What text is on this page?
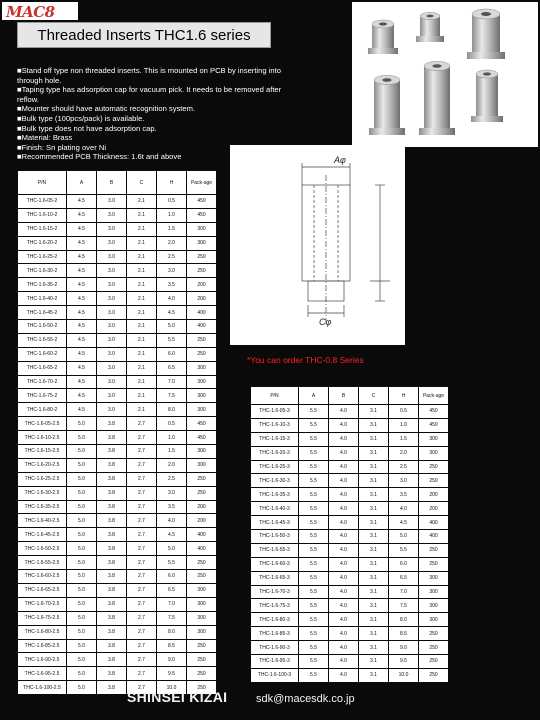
MAC8
Threaded Inserts THC1.6 series
■Stand off type non threaded inserts. This is mounted on PCB by inserting into
through hole.
■Taping type has adsorption cap for vacuum pick. It needs to be removed after
reflow.
■Mounter should have automatic recognition system.
■Bulk type (100pcs/pack) is available.
■Bulk type does not have adsorption cap.
■Material: Brass
■Finish: Sn plating over Ni
■Recommended PCB Thickness: 1.6t and above	Aφ
Cφ
*You can order THC-0.8 Series
P/N	A	B	C	H	Pack-age
THC-1.6-05-2	4.5	3.0	2.1	0.5	450
THC-1.6-10-2	4.5	3.0	2.1	1.0	450
THC-1.6-15-2	4.5	3.0	2.1	1.5	300
THC-1.6-20-2	4.5	3.0	2.1	2.0	300
THC-1.6-25-2	4.5	3.0	2.1	2.5	250
THC-1.6-30-2	4.5	3.0	2.1	3.0	250
THC-1.6-35-2	4.5	3.0	2.1	3.5	200
THC-1.6-40-2	4.5	3.0	2.1	4.0	200
THC-1.6-45-2	4.5	3.0	2.1	4.5	400
THC-1.6-50-2	4.5	3.0	2.1	5.0	400
THC-1.6-55-2	4.5	3.0	2.1	5.5	250
THC-1.6-60-2	4.5	3.0	2.1	6.0	250
THC-1.6-65-2	4.5	3.0	2.1	6.5	300
THC-1.6-70-2	4.5	3.0	2.1	7.0	300
THC-1.6-75-2	4.5	3.0	2.1	7.5	300
THC-1.6-80-2	4.5	3.0	2.1	8.0	300
THC-1.6-05-2.5	5.0	3.8	2.7	0.5	450
THC-1.6-10-2.5	5.0	3.8	2.7	1.0	450
THC-1.6-15-2.5	5.0	3.8	2.7	1.5	300
THC-1.6-20-2.5	5.0	3.8	2.7	2.0	300
THC-1.6-25-2.5	5.0	3.8	2.7	2.5	250
THC-1.6-30-2.5	5.0	3.8	2.7	3.0	250
THC-1.6-35-2.5	5.0	3.8	2.7	3.5	200
THC-1.6-40-2.5	5.0	3.8	2.7	4.0	200
THC-1.6-45-2.5	5.0	3.8	2.7	4.5	400
THC-1.6-50-2.5	5.0	3.8	2.7	5.0	400
THC-1.6-55-2.5	5.0	3.8	2.7	5.5	250
THC-1.6-60-2.5	5.0	3.8	2.7	6.0	250
THC-1.6-65-2.5	5.0	3.8	2.7	6.5	300
THC-1.6-70-2.5	5.0	3.8	2.7	7.0	300
THC-1.6-75-2.5	5.0	3.8	2.7	7.5	300
THC-1.6-80-2.5	5.0	3.8	2.7	8.0	300
THC-1.6-85-2.5	5.0	3.8	2.7	8.5	250
THC-1.6-90-2.5	5.0	3.8	2.7	9.0	250
THC-1.6-95-2.5	5.0	3.8	2.7	9.5	250
THC-1.6-100-2.5	5.0	3.8	2.7	10.0	250
P/N	A	B	C	H	Pack-age
THC-1.6-05-3	5.5	4.0	3.1	0.5	450
THC-1.6-10-3	5.5	4.0	3.1	1.0	450
THC-1.6-15-3	5.5	4.0	3.1	1.5	300
THC-1.6-20-3	5.5	4.0	3.1	2.0	300
THC-1.6-25-3	5.5	4.0	3.1	2.5	250
THC-1.6-30-3	5.5	4.0	3.1	3.0	250
THC-1.6-35-3	5.5	4.0	3.1	3.5	200
THC-1.6-40-3	5.5	4.0	3.1	4.0	200
THC-1.6-45-3	5.5	4.0	3.1	4.5	400
THC-1.6-50-3	5.5	4.0	3.1	5.0	400
THC-1.6-55-3	5.5	4.0	3.1	5.5	250
THC-1.6-60-3	5.5	4.0	3.1	6.0	250
THC-1.6-65-3	5.5	4.0	3.1	6.5	300
THC-1.6-70-3	5.5	4.0	3.1	7.0	300
THC-1.6-75-3	5.5	4.0	3.1	7.5	300
THC-1.6-80-3	5.5	4.0	3.1	8.0	300
THC-1.6-85-3	5.5	4.0	3.1	8.5	250
THC-1.6-90-3	5.5	4.0	3.1	9.0	250
THC-1.6-95-3	5.5	4.0	3.1	9.5	250
THC-1.6-100-3	5.5	4.0	3.1	10.0	250
SHINSEI KIZAI	sdk@macesdk.co.jp
